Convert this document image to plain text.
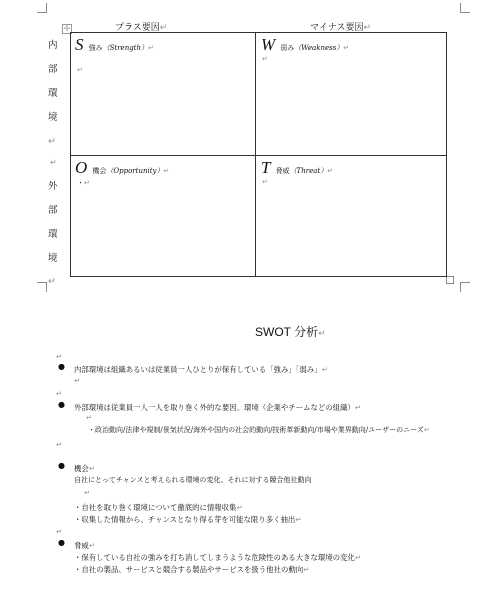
✢	プラス要因↵	マイナス要因↵
内
部
環
境
↵
↵
外
部
環
境
↵
S 強み（Strength）↵
↵
W 弱み（Weakness）↵
↵
O 機会（Opportunity）↵
・↵
T 脅威（Threat）↵
↵
SWOT 分析↵
↵
● 内部環境は組織あるいは従業員一人ひとりが保有している「強み」「弱み」↵
↵
↵
● 外部環境は従業員一人一人を取り巻く外的な要因、環境（企業やチームなどの組織）↵
↵
・政治動向/法律や規制/景気状況/海外や国内の社会的動向/技術革新動向/市場や業界動向/ユーザーのニーズ↵
↵
● 機会↵
自社にとってチャンスと考えられる環境の変化、それに対する競合他社動向
↵
・自社を取り巻く環境について徹底的に情報収集↵
・収集した情報から、チャンスとなり得る芽を可能な限り多く抽出↵
↵
● 脅威↵
・保有している自社の強みを打ち消してしまうような危険性のある大きな環境の変化↵
・自社の製品、サービスと競合する製品やサービスを扱う他社の動向↵
